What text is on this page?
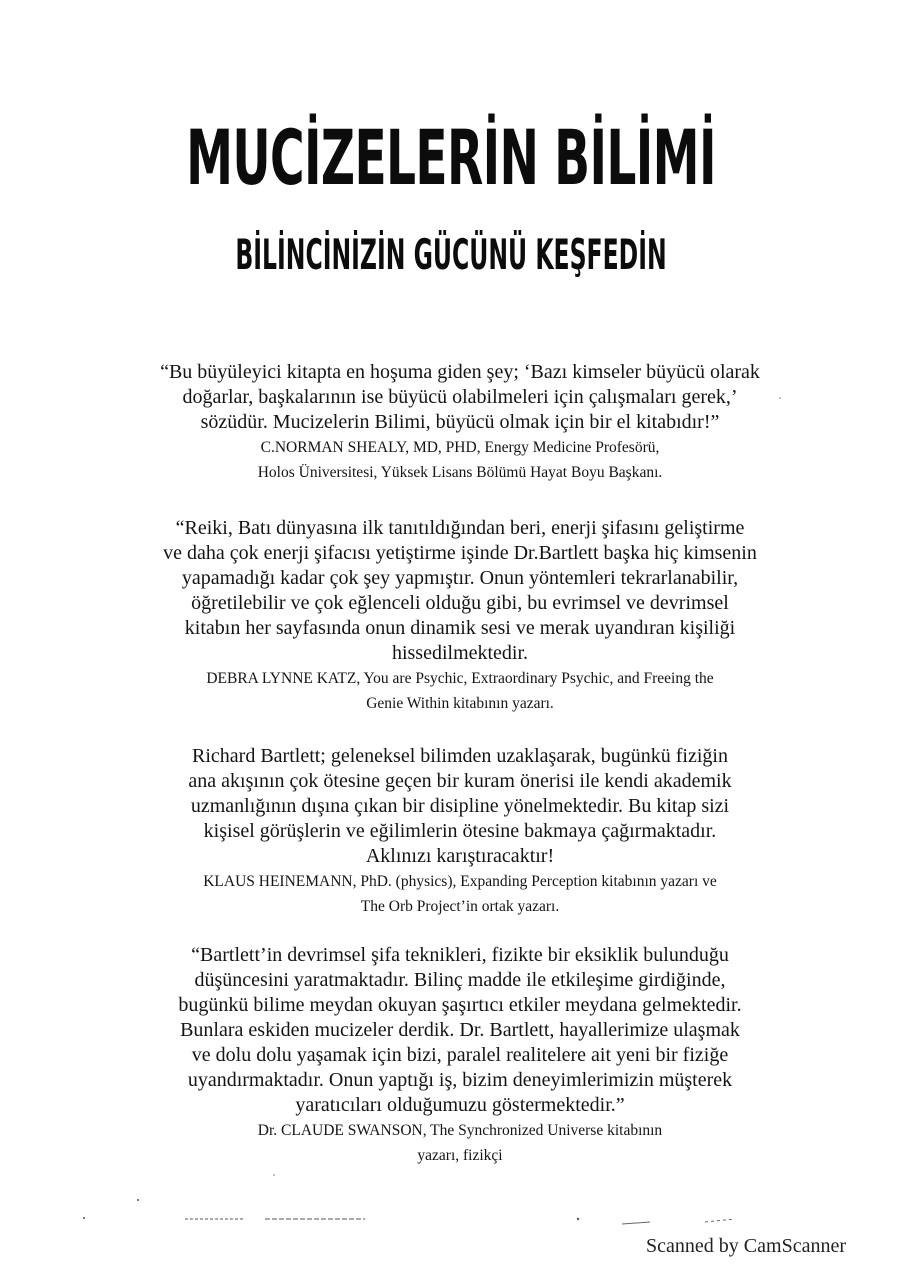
MUCİZELERİN BİLİMİ
BİLİNCİNİZİN GÜCÜNÜ KEŞFEDİN
“Bu büyüleyici kitapta en hoşuma giden şey; ‘Bazı kimseler büyücü olarak
doğarlar, başkalarının ise büyücü olabilmeleri için çalışmaları gerek,’
sözüdür. Mucizelerin Bilimi, büyücü olmak için bir el kitabıdır!”
C.NORMAN SHEALY, MD, PHD, Energy Medicine Profesörü,
Holos Üniversitesi, Yüksek Lisans Bölümü Hayat Boyu Başkanı.
“Reiki, Batı dünyasına ilk tanıtıldığından beri, enerji şifasını geliştirme
ve daha çok enerji şifacısı yetiştirme işinde Dr.Bartlett başka hiç kimsenin
yapamadığı kadar çok şey yapmıştır. Onun yöntemleri tekrarlanabilir,
öğretilebilir ve çok eğlenceli olduğu gibi, bu evrimsel ve devrimsel
kitabın her sayfasında onun dinamik sesi ve merak uyandıran kişiliği
hissedilmektedir.
DEBRA LYNNE KATZ, You are Psychic, Extraordinary Psychic, and Freeing the
Genie Within kitabının yazarı.
Richard Bartlett; geleneksel bilimden uzaklaşarak, bugünkü fiziğin
ana akışının çok ötesine geçen bir kuram önerisi ile kendi akademik
uzmanlığının dışına çıkan bir disipline yönelmektedir. Bu kitap sizi
kişisel görüşlerin ve eğilimlerin ötesine bakmaya çağırmaktadır.
Aklınızı karıştıracaktır!
KLAUS HEINEMANN, PhD. (physics), Expanding Perception kitabının yazarı ve
The Orb Project’in ortak yazarı.
“Bartlett’in devrimsel şifa teknikleri, fizikte bir eksiklik bulunduğu
düşüncesini yaratmaktadır. Bilinç madde ile etkileşime girdiğinde,
bugünkü bilime meydan okuyan şaşırtıcı etkiler meydana gelmektedir.
Bunlara eskiden mucizeler derdik. Dr. Bartlett, hayallerimize ulaşmak
ve dolu dolu yaşamak için bizi, paralel realitelere ait yeni bir fiziğe
uyandırmaktadır. Onun yaptığı iş, bizim deneyimlerimizin müşterek
yaratıcıları olduğumuzu göstermektedir.”
Dr. CLAUDE SWANSON, The Synchronized Universe kitabının
yazarı, fizikçi
Scanned by CamScanner
